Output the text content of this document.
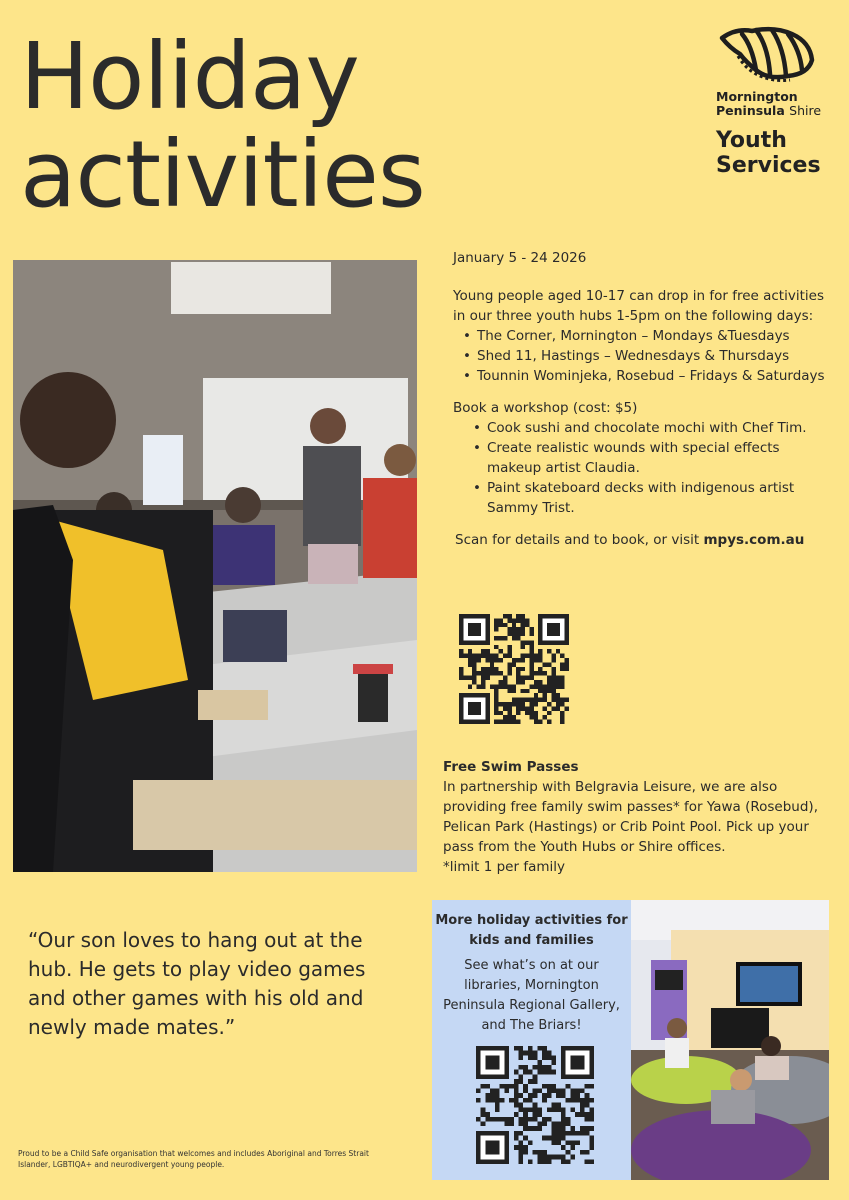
Holiday
activities
Mornington Peninsula Shire
Youth
Services

January 5 - 24 2026

Young people aged 10-17 can drop in for free activities in our three youth hubs 1-5pm on the following days:

• The Corner, Mornington – Mondays &Tuesdays
• Shed 11, Hastings – Wednesdays & Thursdays
• Tounnin Wominjeka, Rosebud – Fridays & Saturdays

Book a workshop (cost: $5)

• Cook sushi and chocolate mochi with Chef Tim.
• Create realistic wounds with special effects makeup artist Claudia.
• Paint skateboard decks with indigenous artist Sammy Trist.

Scan for details and to book, or visit mpys.com.au

Free Swim Passes

In partnership with Belgravia Leisure, we are also providing free family swim passes* for Yawa (Rosebud), Pelican Park (Hastings) or Crib Point Pool. Pick up your pass from the Youth Hubs or Shire offices.

*limit 1 per family

“Our son loves to hang out at the hub. He gets to play video games and other games with his old and newly made mates.”
More holiday activities for kids and families
See what’s on at our libraries, Mornington Peninsula Regional Gallery, and The Briars!
Proud to be a Child Safe organisation that welcomes and includes Aboriginal and Torres Strait Islander, LGBTIQA+ and neurodivergent young people.
